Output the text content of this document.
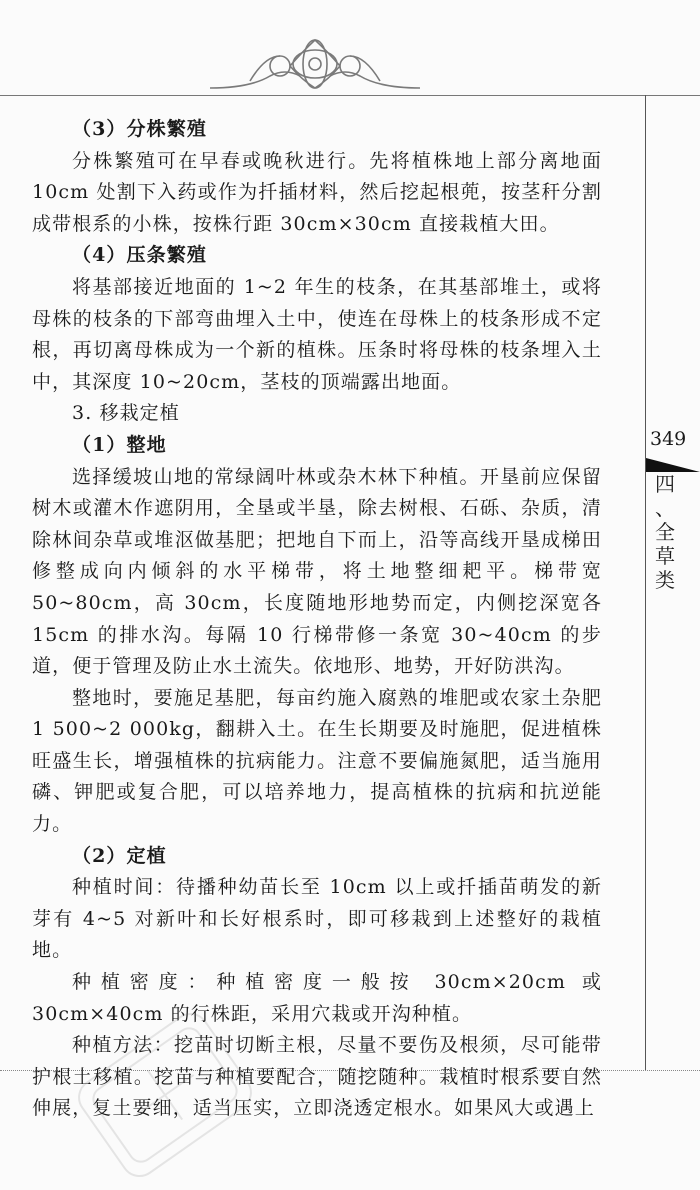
（3）分株繁殖

分株繁殖可在早春或晚秋进行。先将植株地上部分离地面10cm 处割下入药或作为扦插材料，然后挖起根蔸，按茎秆分割成带根系的小株，按株行距 30cm×30cm 直接栽植大田。

（4）压条繁殖

将基部接近地面的 1~2 年生的枝条，在其基部堆土，或将母株的枝条的下部弯曲埋入土中，使连在母株上的枝条形成不定根，再切离母株成为一个新的植株。压条时将母株的枝条埋入土中，其深度 10~20cm，茎枝的顶端露出地面。

3. 移栽定植

（1）整地

选择缓坡山地的常绿阔叶林或杂木林下种植。开垦前应保留树木或灌木作遮阴用，全垦或半垦，除去树根、石砾、杂质，清除林间杂草或堆沤做基肥；把地自下而上，沿等高线开垦成梯田修整成向内倾斜的水平梯带，将土地整细耙平。梯带宽 50~80cm，高 30cm，长度随地形地势而定，内侧挖深宽各 15cm 的排水沟。每隔 10 行梯带修一条宽 30~40cm 的步道，便于管理及防止水土流失。依地形、地势，开好防洪沟。

整地时，要施足基肥，每亩约施入腐熟的堆肥或农家土杂肥1 500~2 000kg，翻耕入土。在生长期要及时施肥，促进植株旺盛生长，增强植株的抗病能力。注意不要偏施氮肥，适当施用磷、钾肥或复合肥，可以培养地力，提高植株的抗病和抗逆能力。

（2）定植

种植时间：待播种幼苗长至 10cm 以上或扦插苗萌发的新芽有 4~5 对新叶和长好根系时，即可移栽到上述整好的栽植地。

种植密度：种植密度一般按 30cm×20cm 或 30cm×40cm 的行株距，采用穴栽或开沟种植。

种植方法：挖苗时切断主根，尽量不要伤及根须，尽可能带护根土移植。挖苗与种植要配合，随挖随种。栽植时根系要自然伸展，复土要细，适当压实，立即浇透定根水。如果风大或遇上

349
四
、
全
草
类
